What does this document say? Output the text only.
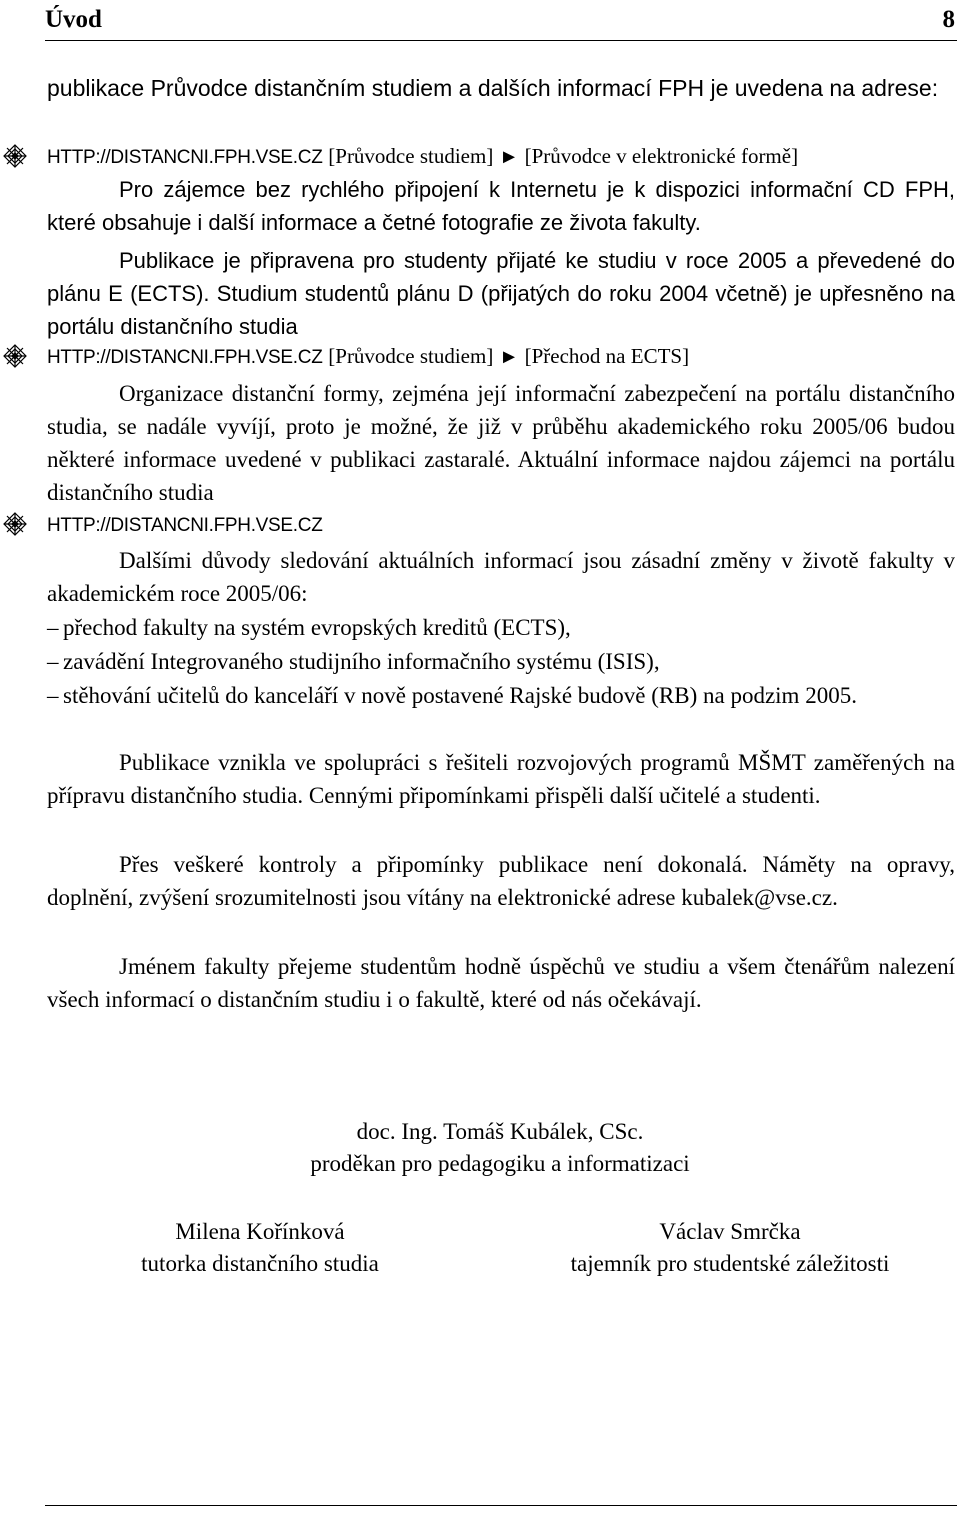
Úvod	8

publikace Průvodce distančním studiem a dalších informací FPH je uvedena na adrese:

HTTP://DISTANCNI.FPH.VSE.CZ [Průvodce studiem] ► [Průvodce v elektronické formě]

Pro zájemce bez rychlého připojení k Internetu je k dispozici informační CD FPH, které obsahuje i další informace a četné fotografie ze života fakulty.

Publikace je připravena pro studenty přijaté ke studiu v roce 2005 a převedené do plánu E (ECTS). Studium studentů plánu D (přijatých do roku 2004 včetně) je upřesněno na portálu distančního studia

HTTP://DISTANCNI.FPH.VSE.CZ [Průvodce studiem] ► [Přechod na ECTS]

Organizace distanční formy, zejména její informační zabezpečení na portálu distančního studia, se nadále vyvíjí, proto je možné, že již v průběhu akademického roku 2005/06 budou některé informace uvedené v publikaci zastaralé. Aktuální informace najdou zájemci na portálu distančního studia

HTTP://DISTANCNI.FPH.VSE.CZ

Dalšími důvody sledování aktuálních informací jsou zásadní změny v životě fakulty v akademickém roce 2005/06:

– přechod fakulty na systém evropských kreditů (ECTS),
– zavádění Integrovaného studijního informačního systému (ISIS),
– stěhování učitelů do kanceláří v nově postavené Rajské budově (RB) na podzim 2005.

Publikace vznikla ve spolupráci s řešiteli rozvojových programů MŠMT zaměřených na přípravu distančního studia. Cennými připomínkami přispěli další učitelé a studenti.

Přes veškeré kontroly a připomínky publikace není dokonalá. Náměty na opravy, doplnění, zvýšení srozumitelnosti jsou vítány na elektronické adrese kubalek@vse.cz.

Jménem fakulty přejeme studentům hodně úspěchů ve studiu a všem čtenářům nalezení všech informací o distančním studiu i o fakultě, které od nás očekávají.

doc. Ing. Tomáš Kubálek, CSc.
proděkan pro pedagogiku a informatizaci
Milena Kořínková
tutorka distančního studia
Václav Smrčka
tajemník pro studentské záležitosti
